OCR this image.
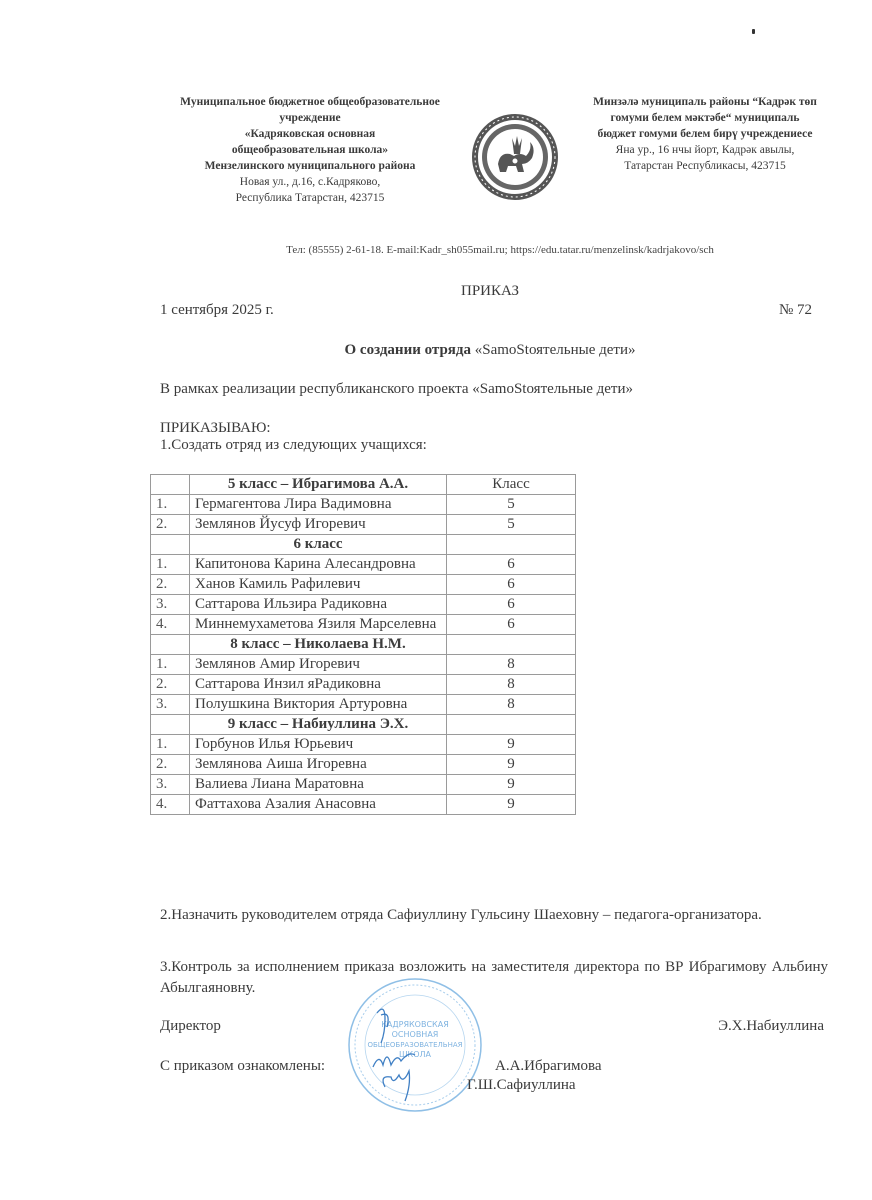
Муниципальное бюджетное общеобразовательное
учреждение
«Кадряковская основная
общеобразовательная школа»
Мензелинского муниципального района
Новая ул., д.16, с.Кадряково,
Республика Татарстан, 423715
Минзәлә муниципаль районы “Кадрәк төп
гомуми белем мәктәбе“ муниципаль
бюджет гомуми белем бирү учреждениесе
Яна ур., 16 нчы йорт, Кадрәк авылы,
Татарстан Республикасы, 423715
Тел: (85555) 2-61-18. E-mail:Kadr_sh055mail.ru; https://edu.tatar.ru/menzelinsk/kadrjakovo/sch
ПРИКАЗ
1 сентября 2025 г.	№ 72
О создании отряда «SamoStоятельные дети»
В рамках реализации республиканского проекта «SamoStоятельные дети»
ПРИКАЗЫВАЮ:
1.Создать отряд из следующих учащихся:
	5 класс – Ибрагимова А.А.	Класс
1.	Гермагентова Лира Вадимовна	5
2.	Землянов Йусуф Игоревич	5
	6 класс	
1.	Капитонова Карина Алесандровна	6
2.	Ханов Камиль Рафилевич	6
3.	Саттарова Ильзира Радиковна	6
4.	Миннемухаметова Язиля Марселевна	6
	8 класс – Николаева Н.М.	
1.	Землянов Амир Игоревич	8
2.	Саттарова Инзил яРадиковна	8
3.	Полушкина Виктория Артуровна	8
	9 класс – Набиуллина Э.Х.	
1.	Горбунов Илья Юрьевич	9
2.	Землянова Аиша Игоревна	9
3.	Валиева Лиана Маратовна	9
4.	Фаттахова Азалия Анасовна	9
2.Назначить руководителем отряда Сафиуллину Гульсину Шаеховну – педагога-организатора.
3.Контроль за исполнением приказа возложить на заместителя директора по ВР Ибрагимову Альбину Абылгаяновну.
КАДРЯКОВСКАЯ
ОСНОВНАЯ
ОБЩЕОБРАЗОВАТЕЛЬНАЯ
ШКОЛА
Директор	Э.Х.Набиуллина
С приказом ознакомлены:	А.А.Ибрагимова
Г.Ш.Сафиуллина
